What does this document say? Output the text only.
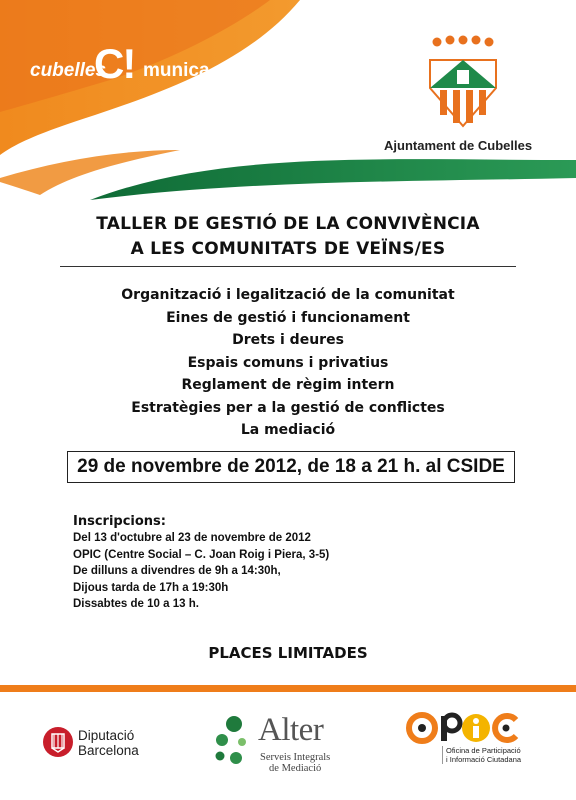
cubelles
C! munica
Ajuntament de Cubelles
TALLER DE GESTIÓ DE LA CONVIVÈNCIA
A LES COMUNITATS DE VEÏNS/ES
Organització i legalització de la comunitat
Eines de gestió i funcionament
Drets i deures
Espais comuns i privatius
Reglament de règim intern
Estratègies per a la gestió de conflictes
La mediació
29 de novembre de 2012, de 18 a 21 h. al CSIDE
Inscripcions:
Del 13 d'octubre al 23 de novembre de 2012
OPIC (Centre Social – C. Joan Roig i Piera, 3-5)
De dilluns a divendres de 9h a 14:30h,
Dijous tarda de 17h a 19:30h
Dissabtes de 10 a 13 h.
PLACES LIMITADES
Diputació
Barcelona
Alter
Serveis Integrals
de Mediació
Oficina de Participació
i Informació Ciutadana
